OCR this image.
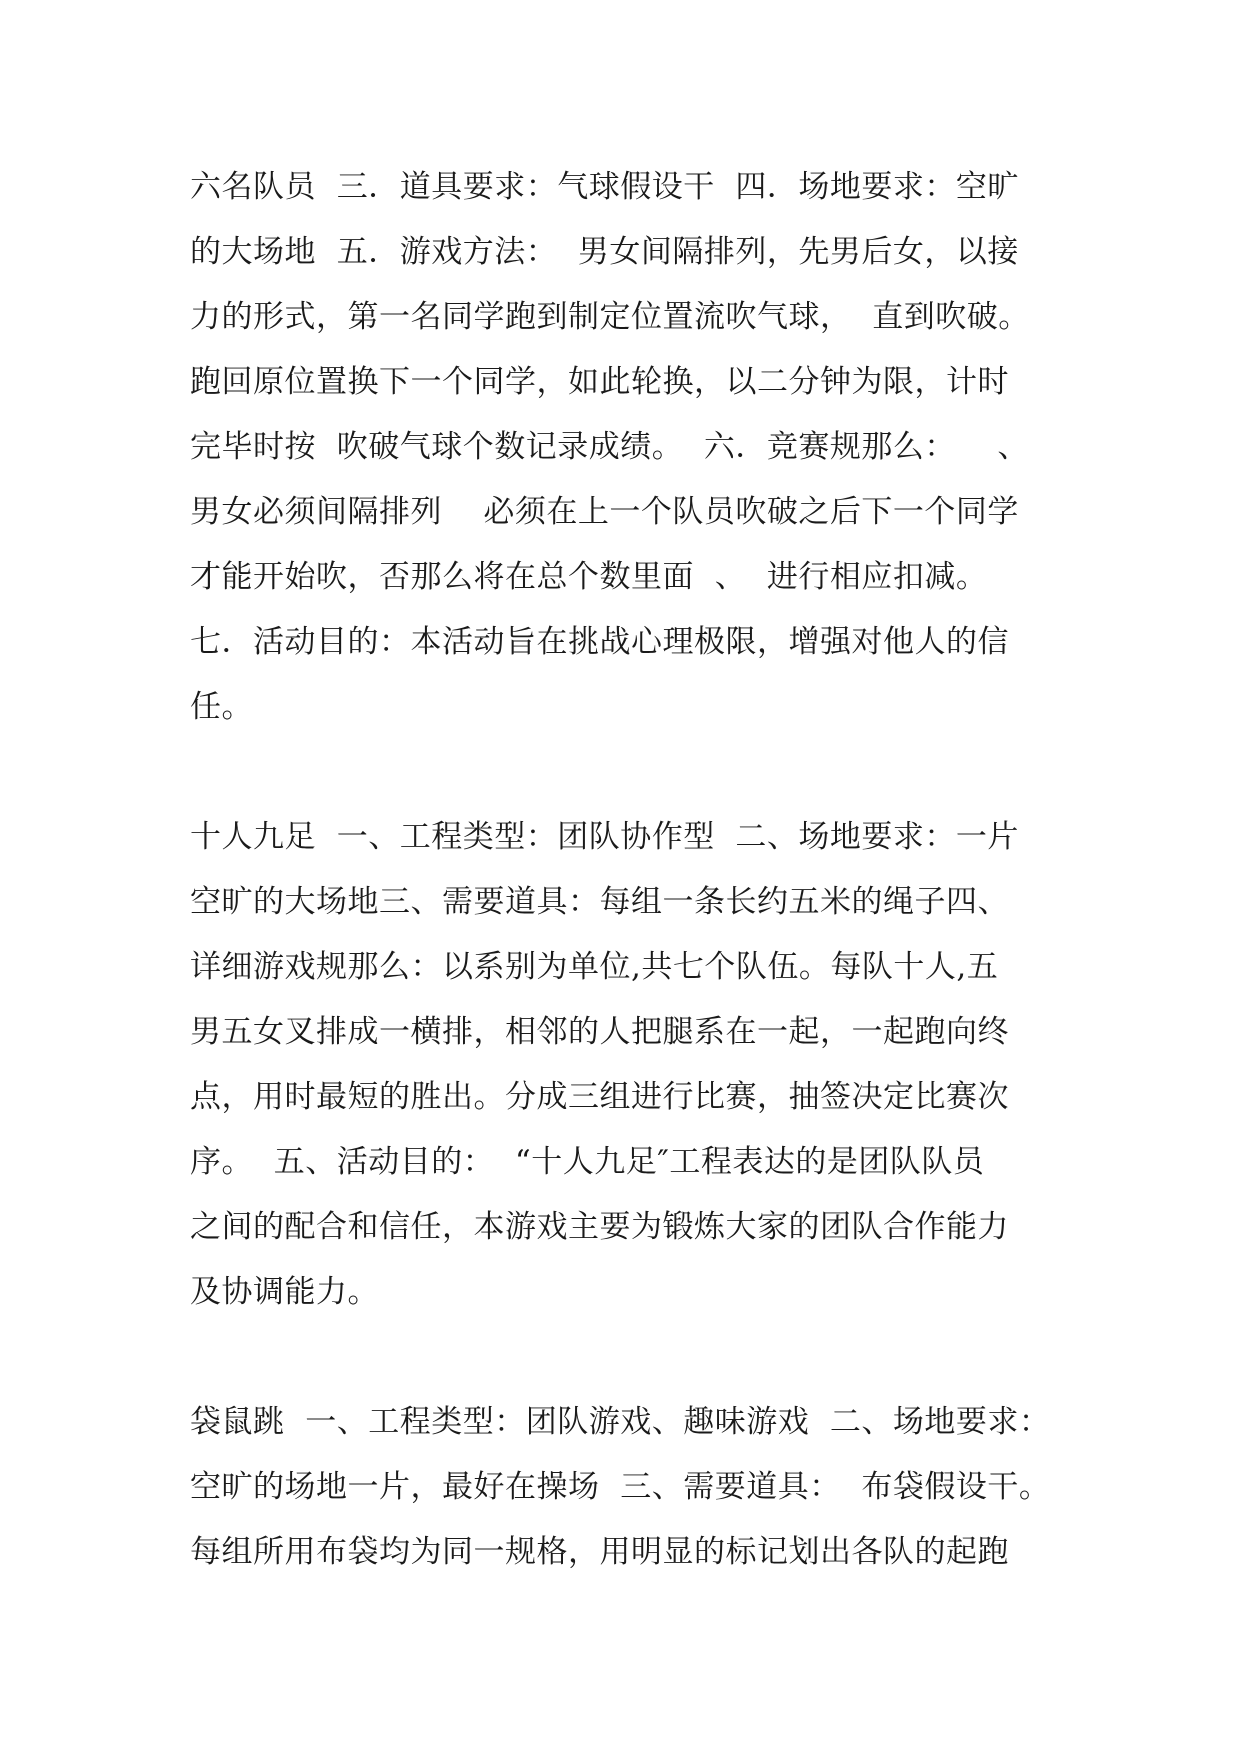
六名队员  三．道具要求：气球假设干  四．场地要求：空旷
的大场地  五．游戏方法：  男女间隔排列，先男后女，以接
力的形式，第一名同学跑到制定位置流吹气球，  直到吹破。
跑回原位置换下一个同学，如此轮换，以二分钟为限，计时
完毕时按  吹破气球个数记录成绩。  六．竞赛规那么：    、
男女必须间隔排列    必须在上一个队员吹破之后下一个同学
才能开始吹，否那么将在总个数里面  、  进行相应扣减。
七．活动目的：本活动旨在挑战心理极限，增强对他人的信
任。
十人九足  一、工程类型：团队协作型  二、场地要求：一片
空旷的大场地三、需要道具：每组一条长约五米的绳子四、
详细游戏规那么：以系别为单位,共七个队伍。每队十人,五
男五女叉排成一横排，相邻的人把腿系在一起，一起跑向终
点，用时最短的胜出。分成三组进行比赛，抽签决定比赛次
序。  五、活动目的：  “十人九足″工程表达的是团队队员
之间的配合和信任，本游戏主要为锻炼大家的团队合作能力
及协调能力。
袋鼠跳  一、工程类型：团队游戏、趣味游戏  二、场地要求：
空旷的场地一片，最好在操场  三、需要道具：  布袋假设干。
每组所用布袋均为同一规格，用明显的标记划出各队的起跑
